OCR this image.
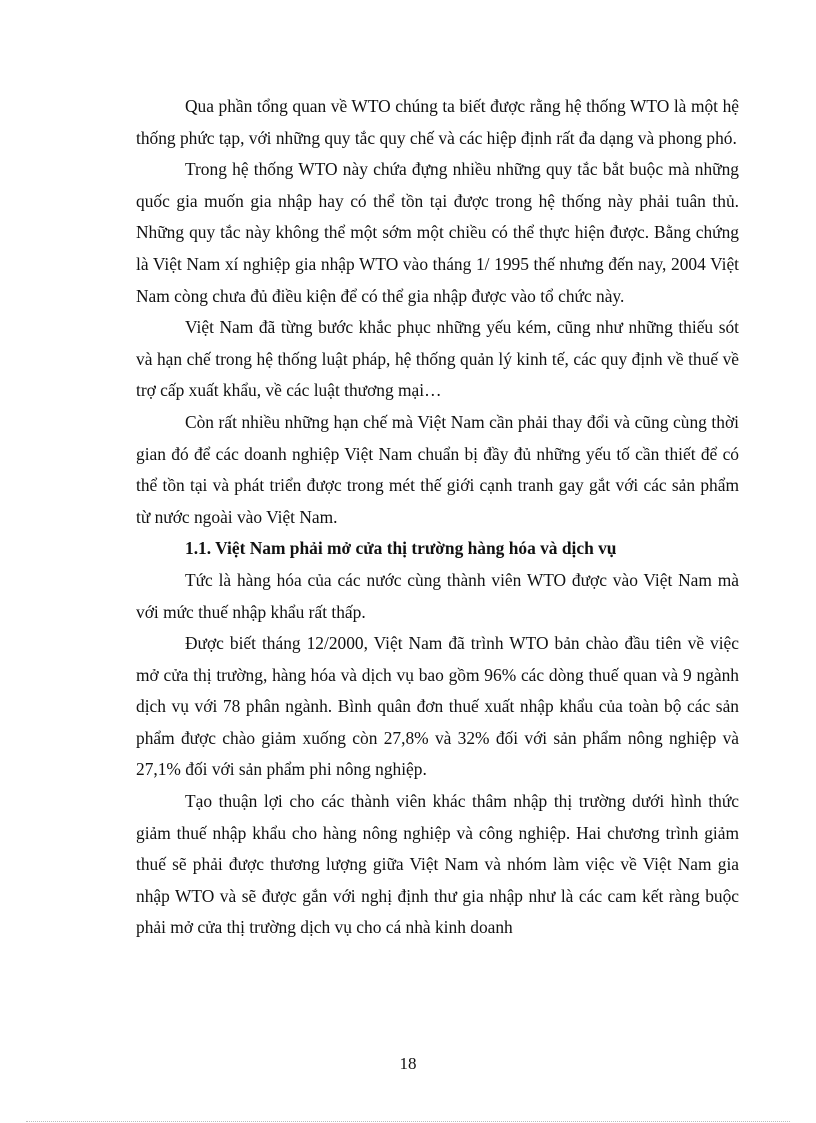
Qua phần tổng quan về WTO chúng ta biết được rằng hệ thống WTO là một hệ thống phức tạp, với những quy tắc quy chế và các hiệp định rất đa dạng và phong phó.

Trong hệ thống WTO này chứa đựng nhiều những quy tắc bắt buộc mà những quốc gia muốn gia nhập hay có thể tồn tại được trong hệ thống này phải tuân thủ. Những quy tắc này không thể một sớm một chiều có thể thực hiện được. Bằng chứng là Việt Nam xí nghiệp gia nhập WTO vào tháng 1/ 1995 thế nhưng đến nay, 2004 Việt Nam còng chưa đủ điều kiện để có thể gia nhập được vào tổ chức này.

Việt Nam đã từng bước khắc phục những yếu kém, cũng như những thiếu sót và hạn chế trong hệ thống luật pháp, hệ thống quản lý kinh tế, các quy định về thuế về trợ cấp xuất khẩu, về các luật thương mại…

Còn rất nhiều những hạn chế mà Việt Nam cần phải thay đổi và cũng cùng thời gian đó để các doanh nghiệp Việt Nam chuẩn bị đầy đủ những yếu tố cần thiết để có thể tồn tại và phát triển được trong mét thế giới cạnh tranh gay gắt với các sản phẩm từ nước ngoài vào Việt Nam.

1.1. Việt Nam phải mở cửa thị trường hàng hóa và dịch vụ

Tức là hàng hóa của các nước cùng thành viên WTO được vào Việt Nam mà với mức thuế nhập khẩu rất thấp.

Được biết tháng 12/2000, Việt Nam đã trình WTO bản chào đầu tiên về việc mở cửa thị trường, hàng hóa và dịch vụ bao gồm 96% các dòng thuế quan và 9 ngành dịch vụ với 78 phân ngành. Bình quân đơn thuế xuất nhập khẩu của toàn bộ các sản phẩm được chào giảm xuống còn 27,8% và 32% đối với sản phẩm nông nghiệp và 27,1% đối với sản phẩm phi nông nghiệp.

Tạo thuận lợi cho các thành viên khác thâm nhập thị trường dưới hình thức giảm thuế nhập khẩu cho hàng nông nghiệp và công nghiệp. Hai chương trình giảm thuế sẽ phải được thương lượng giữa Việt Nam và nhóm làm việc về Việt Nam gia nhập WTO và sẽ được gắn với nghị định thư gia nhập như là các cam kết ràng buộc phải mở cửa thị trường dịch vụ cho cá nhà kinh doanh

18
